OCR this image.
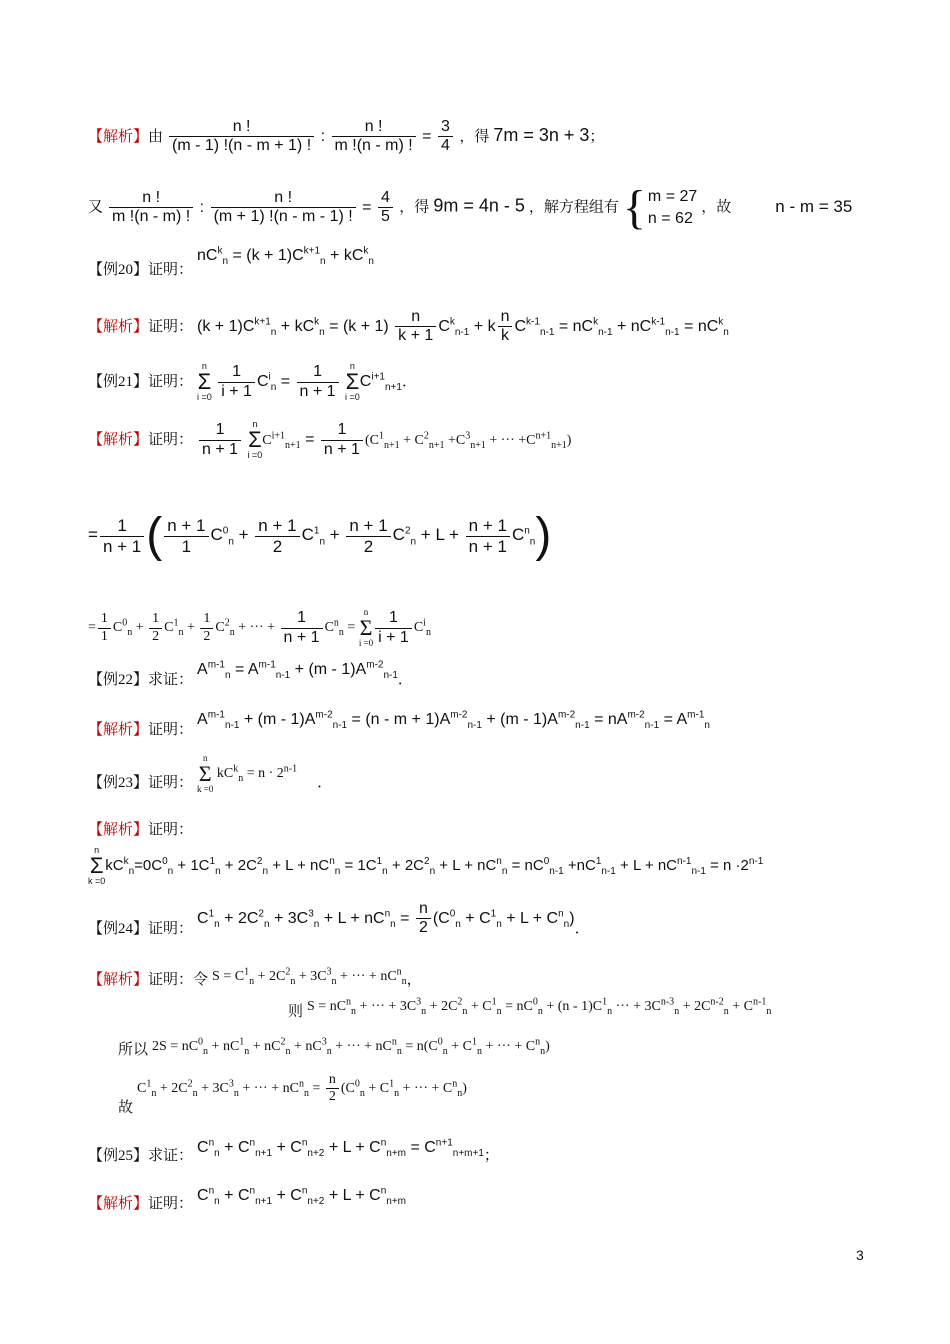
【解析】由 $\frac{n !}{(m - 1) !(n - m + 1) !}$ : $\frac{n !}{m !(n - m) !} = \frac{3}{4}$ ，得 7m = 3n + 3；
又 $\frac{n !}{m !(n - m) !}$ : $\frac{n !}{(m + 1) !(n - m - 1) !} = \frac{4}{5}$ ，得 9m = 4n - 5 ，解方程组有 { m = 27
n = 62
，故	n - m = 35
【例20】证明： $nC^k_n = (k + 1)C^{k+1}_n + kC^k_n$
【解析】证明： $(k + 1)C^{k+1}_n + kC^k_n = (k + 1) \frac{n}{k + 1} C^k_{n-1} + k \frac{n}{k} C^{k-1}_{n-1} = nC^k_{n-1} + nC^{k-1}_{n-1} = nC^k_n$
【例21】证明：
n
Σ
i =0
$\frac{1}{i + 1} C^i_n = \frac{1}{n + 1}$
	n
Σ
i =0
$C^{i+1}_{n+1}$．
【解析】证明： $\frac{1}{n + 1}$
	n
Σ
i =0
$C^{i+1}_{n+1} = \frac{1}{n + 1} (C^1_{n+1} + C^2_{n+1} +C^3_{n+1}$ + ··· $+C^{n+1}_{n+1}$)
= $\frac{1}{n + 1}$ ( $\frac{n + 1}{1} C^0_n + \frac{n + 1}{2} C^1_n + \frac{n + 1}{2} C^2_n + L + \frac{n + 1}{n + 1} C^n_n$)
= $\frac{1}{1} C^0_n + \frac{1}{2} C^1_n + \frac{1}{2} C^2_n$ + ··· + $\frac{1}{n + 1} C^n_n$ =
n
Σ
$i =0 \frac{1}{i + 1} C^i_n$
【例22】求证： $A^{m-1}_n = A^{m-1}_{n-1} + (m - 1)A^{m-2}_{n-1}$．
【解析】证明： $A^{m-1}_{n-1} + (m - 1)A^{m-2}_{n-1} = (n - m + 1)A^{m-2}_{n-1} + (m - 1)A^{m-2}_{n-1} = nA^{m-2}_{n-1} = A^{m-1}_n$
【例23】证明：
n
Σ
k =0
$kC^k_n = n \cdot 2^{n-1}$．
【解析】证明：
n
Σ
k =0
$kC^k_n=0C^0_n + 1C^1_n + 2C^2_n + L + nC^n_n = 1C^1_n + 2C^2_n + L + nC^n_n = nC^0_{n-1} +nC^1_{n-1} + L + nC^{n-1}_{n-1} = n \cdot 2^{n-1}$
【例24】证明： $C^1_n + 2C^2_n + 3C^3_n + L + nC^n_n = \frac{n}{2} (C^0_n + C^1_n + L + C^n_n)$．
【解析】证明：令 $S = C^1_n + 2C^2_n + 3C^3_n$ + ··· + $nC^n_n$，
则 $S = nC^n_n$ + ··· + $3C^3_n + 2C^2_n + C^1_n = nC^0_n + (n - 1)C^1_n$ ··· + $3C^{n-3}_n + 2C^{n-2}_n + C^{n-1}_n$
所以 $2S = nC^0_n + nC^1_n + nC^2_n + nC^3_n$ + ··· + $nC^n_n = n(C^0_n + C^1_n$ + ··· + $C^n_n$)
故 $C^1_n + 2C^2_n + 3C^3_n$ + ··· + $nC^n_n = \frac{n}{2} (C^0_n + C^1_n$ + ··· + $C^n_n$)
【例25】求证： $C^n_n + C^n_{n+1} + C^n_{n+2} + L + C^n_{n+m} = C^{n+1}_{n+m+1}$；
【解析】证明： $C^n_n + C^n_{n+1} + C^n_{n+2} + L + C^n_{n+m}$
3
